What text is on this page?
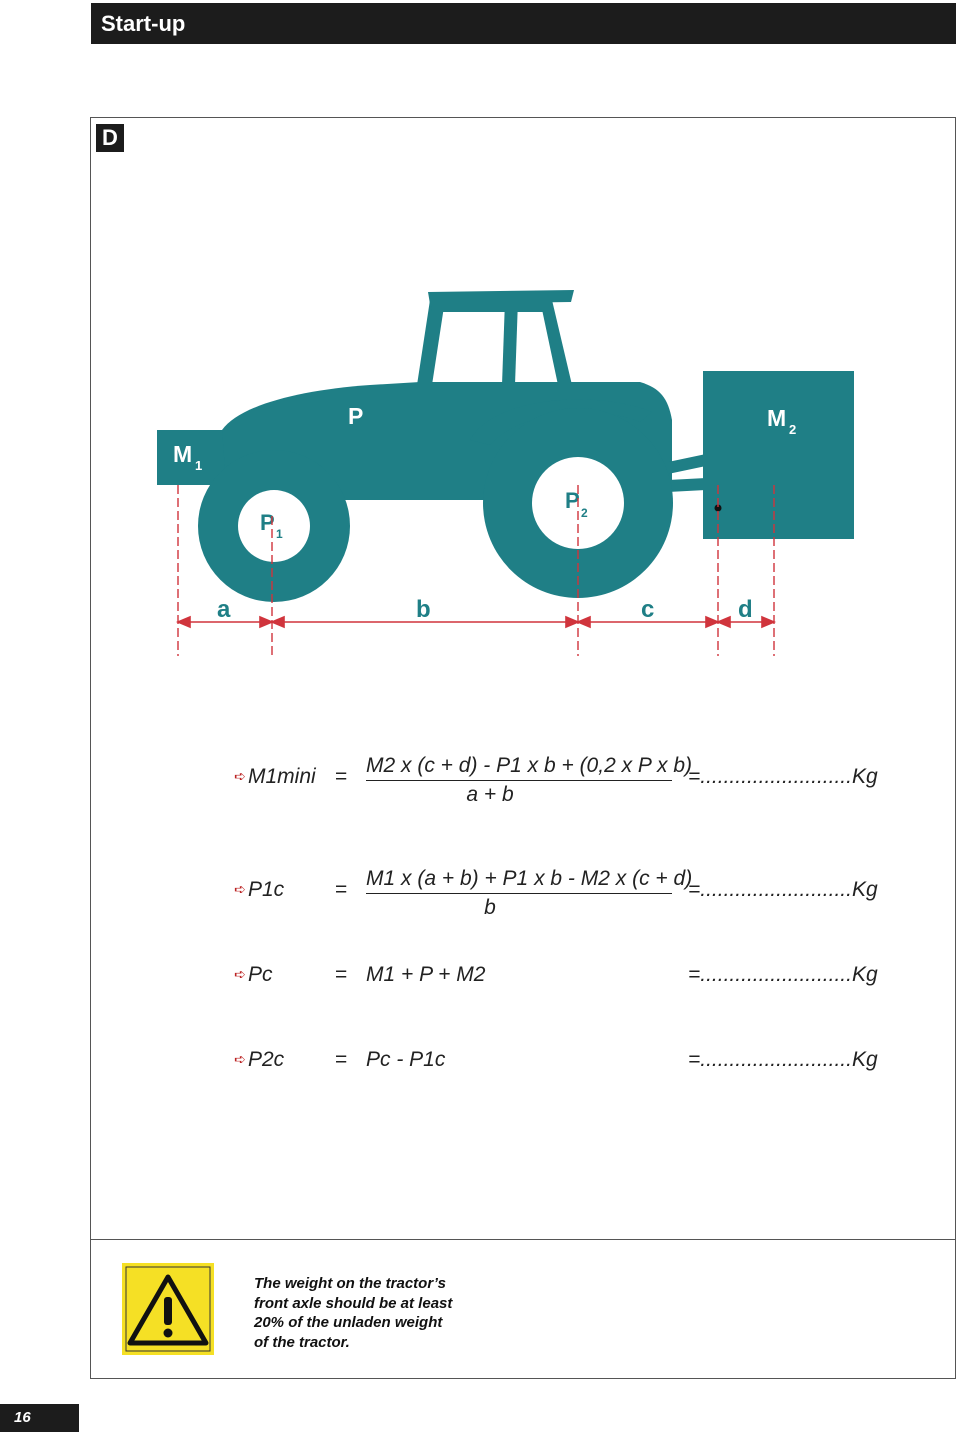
Start-up
D
M 1
P	M 2
P 1
P 2
a	b	c	d
➪ M1mini = M2 x (c + d) - P1 x b + (0,2 x P x b)
a + b
=..........................Kg
➪ P1c = M1 x (a + b) + P1 x b - M2 x (c + d)
b
=..........................Kg
➪ Pc	= M1 + P + M2	=..........................Kg
➪ P2c = Pc - P1c	=..........................Kg
The weight on the tractor’s
front axle should be at least
20% of the unladen weight
of the tractor.
16
